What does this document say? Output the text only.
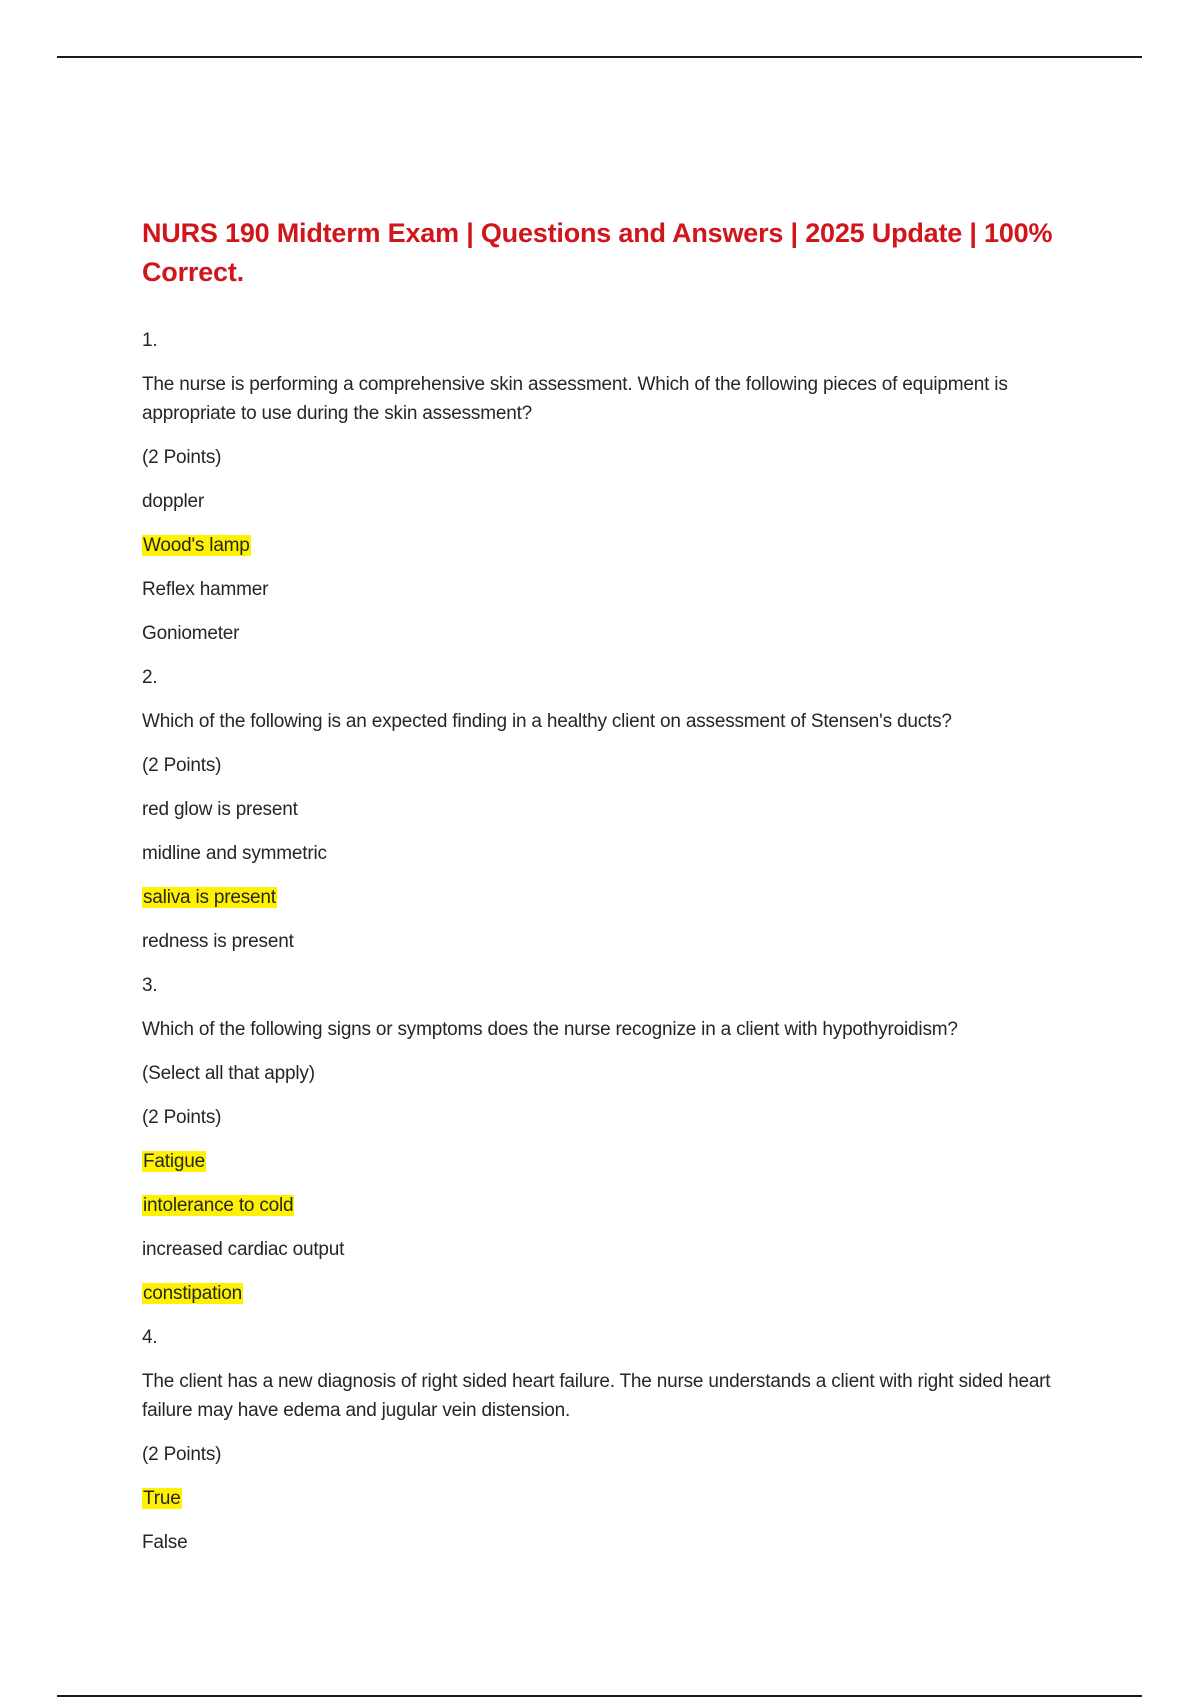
NURS 190 Midterm Exam | Questions and Answers | 2025 Update | 100% Correct.
1.
The nurse is performing a comprehensive skin assessment. Which of the following pieces of equipment is appropriate to use during the skin assessment?
(2 Points)
doppler
Wood's lamp
Reflex hammer
Goniometer
2.
Which of the following is an expected finding in a healthy client on assessment of Stensen's ducts?
(2 Points)
red glow is present
midline and symmetric
saliva is present
redness is present
3.
Which of the following signs or symptoms does the nurse recognize in a client with hypothyroidism?
(Select all that apply)
(2 Points)
Fatigue
intolerance to cold
increased cardiac output
constipation
4.
The client has a new diagnosis of right sided heart failure. The nurse understands a client with right sided heart failure may have edema and jugular vein distension.
(2 Points)
True
False
